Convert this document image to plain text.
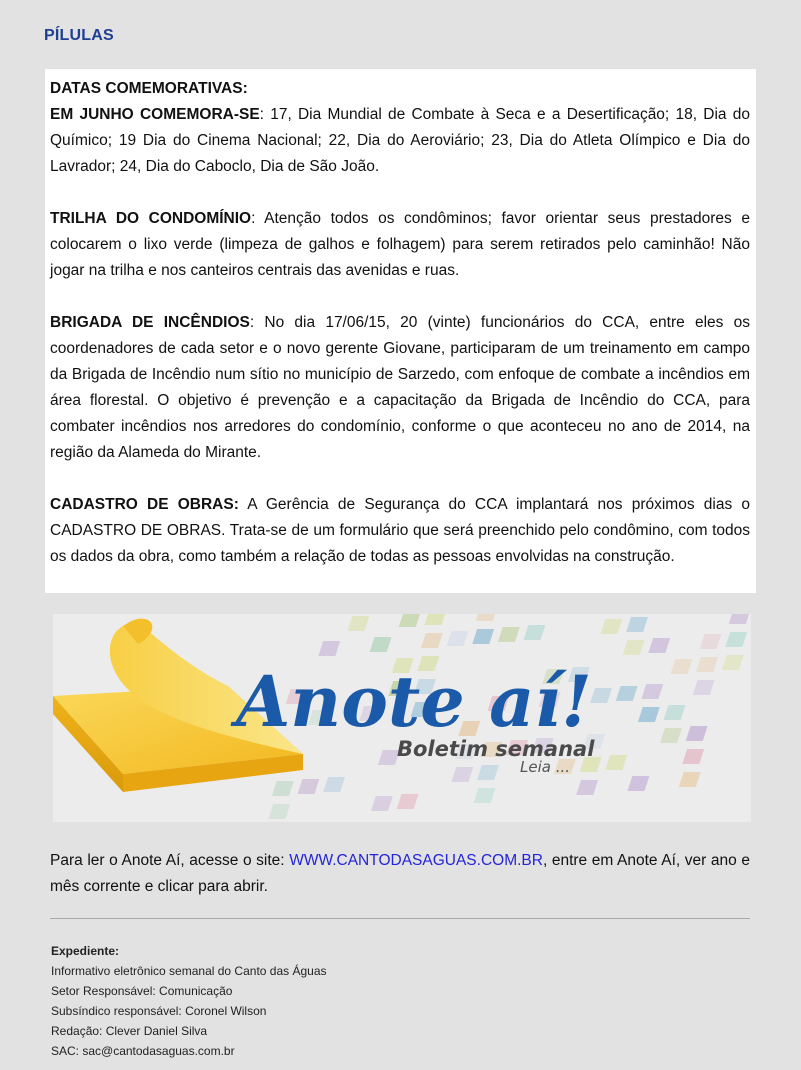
PÍLULAS

DATAS COMEMORATIVAS:
EM JUNHO COMEMORA-SE: 17, Dia Mundial de Combate à Seca e a Desertificação; 18, Dia do Químico; 19 Dia do Cinema Nacional; 22, Dia do Aeroviário; 23, Dia do Atleta Olímpico e Dia do Lavrador; 24, Dia do Caboclo, Dia de São João.

TRILHA DO CONDOMÍNIO: Atenção todos os condôminos; favor orientar seus prestadores e colocarem o lixo verde (limpeza de galhos e folhagem) para serem retirados pelo caminhão! Não jogar na trilha e nos canteiros centrais das avenidas e ruas.

BRIGADA DE INCÊNDIOS: No dia 17/06/15, 20 (vinte) funcionários do CCA, entre eles os coordenadores de cada setor e o novo gerente Giovane, participaram de um treinamento em campo da Brigada de Incêndio num sítio no município de Sarzedo, com enfoque de combate a incêndios em área florestal. O objetivo é prevenção e a capacitação da Brigada de Incêndio do CCA, para combater incêndios nos arredores do condomínio, conforme o que aconteceu no ano de 2014, na região da Alameda do Mirante.

CADASTRO DE OBRAS: A Gerência de Segurança do CCA implantará nos próximos dias o CADASTRO DE OBRAS. Trata-se de um formulário que será preenchido pelo condômino, com todos os dados da obra, como também a relação de todas as pessoas envolvidas na construção.

Anote aí!
Boletim semanal
Leia ...
Para ler o Anote Aí, acesse o site: WWW.CANTODASAGUAS.COM.BR, entre em Anote Aí, ver ano e mês corrente e clicar para abrir.
Expediente:
Informativo eletrônico semanal do Canto das Águas
Setor Responsável: Comunicação
Subsíndico responsável: Coronel Wilson
Redação: Clever Daniel Silva
SAC: sac@cantodasaguas.com.br
